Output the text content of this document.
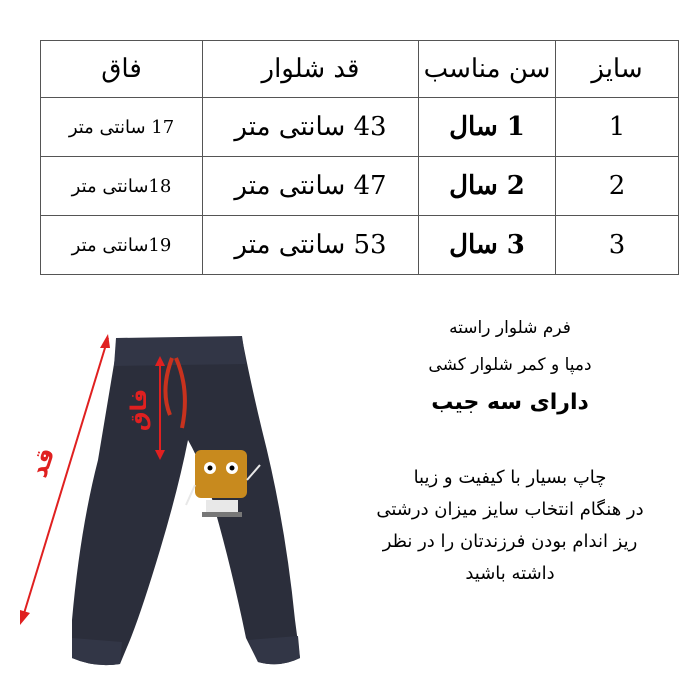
سایز	سن مناسب	قد شلوار	فاق
1	1 سال	43 سانتی متر	17 سانتی متر
2	2 سال	47 سانتی متر	18سانتی متر
3	3 سال	53 سانتی متر	19سانتی متر
فرم شلوار راسته
دمپا و کمر شلوار کشی
دارای سه جیب
چاپ بسیار با کیفیت و زیبا
در هنگام انتخاب سایز میزان درشتی
ریز اندام بودن فرزندتان را در نظر
داشته باشید
قد
فاق
